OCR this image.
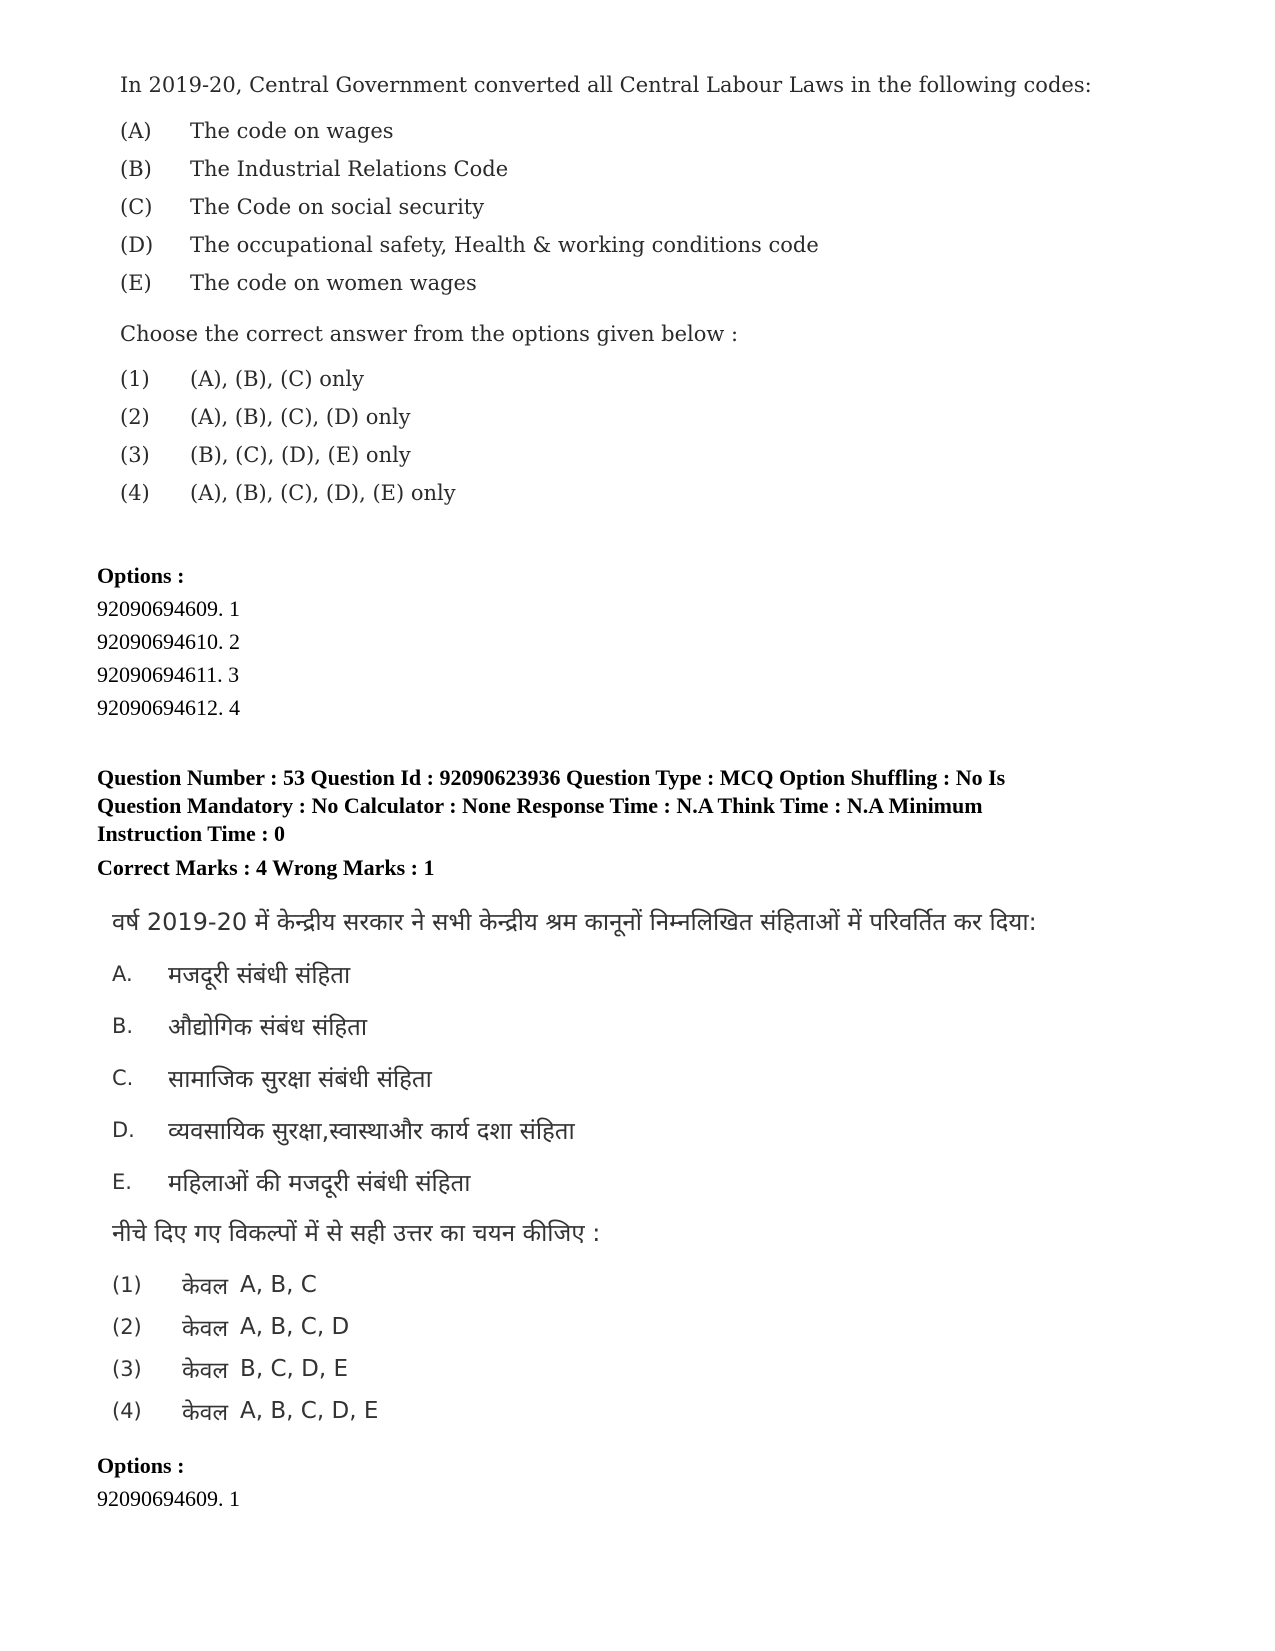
In 2019-20, Central Government converted all Central Labour Laws in the following codes:

(A)	The code on wages
(B)	The Industrial Relations Code
(C)	The Code on social security
(D)	The occupational safety, Health & working conditions code
(E)	The code on women wages
Choose the correct answer from the options given below :
(1)	(A), (B), (C) only
(2)	(A), (B), (C), (D) only
(3)	(B), (C), (D), (E) only
(4)	(A), (B), (C), (D), (E) only
Options :
92090694609. 1
92090694610. 2
92090694611. 3
92090694612. 4
Question Number : 53 Question Id : 92090623936 Question Type : MCQ Option Shuffling : No Is
Question Mandatory : No Calculator : None Response Time : N.A Think Time : N.A Minimum
Instruction Time : 0
Correct Marks : 4 Wrong Marks : 1
वर्ष 2019-20 में केन्द्रीय सरकार ने सभी केन्द्रीय श्रम कानूनों निम्नलिखित संहिताओं में परिवर्तित कर दिया:
A.	मजदूरी संबंधी संहिता
B.	औद्योगिक संबंध संहिता
C.	सामाजिक सुरक्षा संबंधी संहिता
D.	व्यवसायिक सुरक्षा,स्वास्थाऔर कार्य दशा संहिता
E.	महिलाओं की मजदूरी संबंधी संहिता
नीचे दिए गए विकल्पों में से सही उत्तर का चयन कीजिए :
(1)	केवल A, B, C
(2)	केवल A, B, C, D
(3)	केवल B, C, D, E
(4)	केवल A, B, C, D, E
Options :
92090694609. 1
